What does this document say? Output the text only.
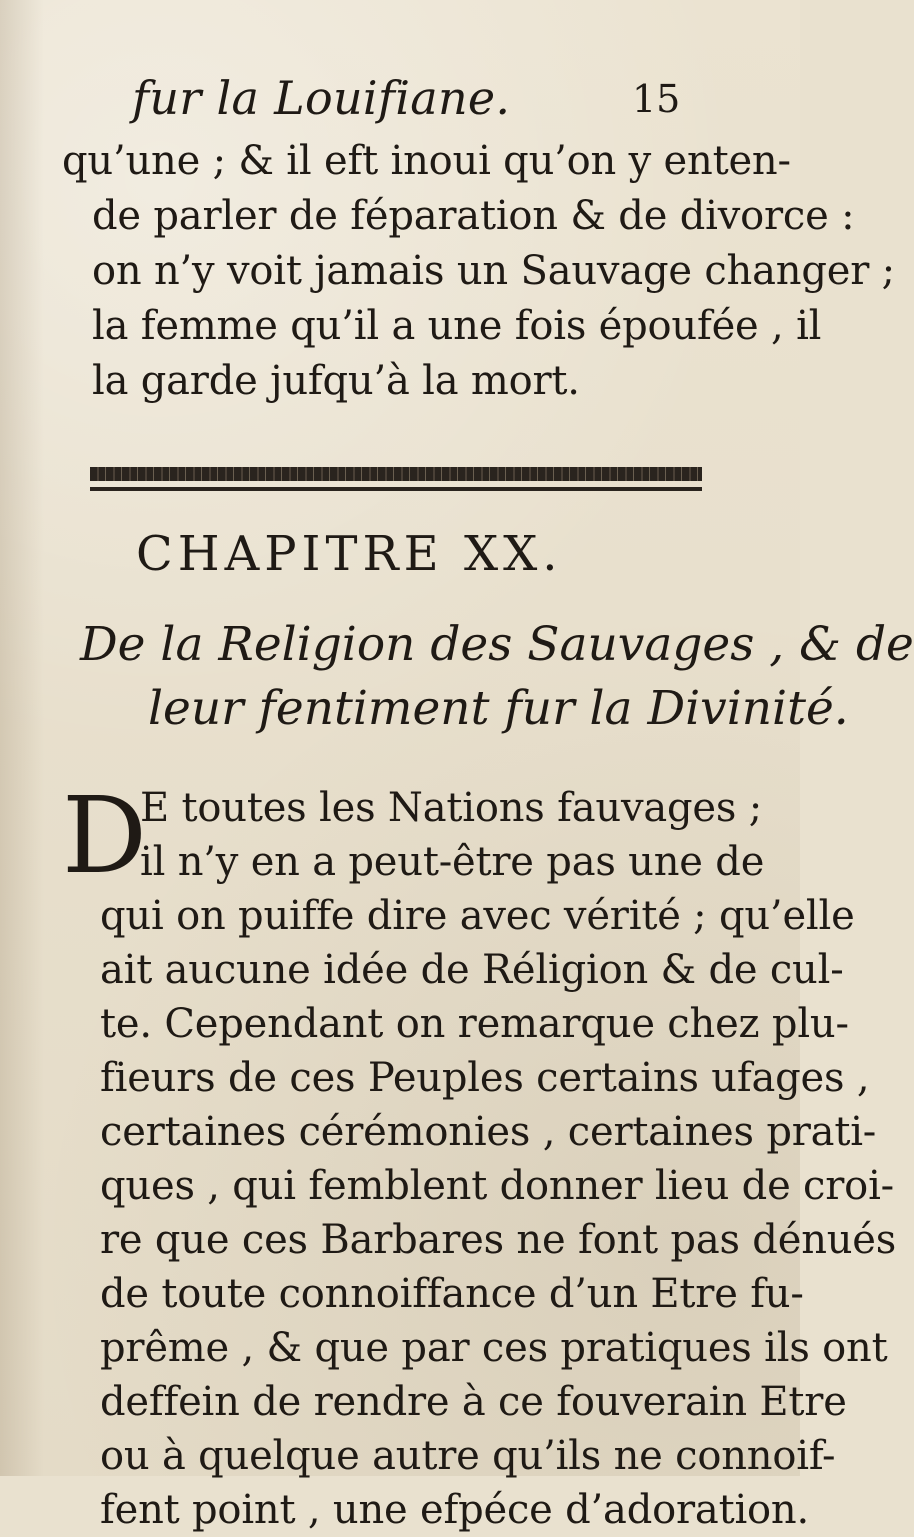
fur la Louifiane.	15
qu’une ; & il eft inoui qu’on y enten-
de parler de féparation & de divorce :
on n’y voit jamais un Sauvage changer ;
la femme qu’il a une fois époufée , il
la garde jufqu’à la mort.
CHAPITRE XX.
De la Religion des Sauvages , & de
leur fentiment fur la Divinité.
D
E toutes les Nations fauvages ;
il n’y en a peut-être pas une de
qui on puiffe dire avec vérité ; qu’elle
ait aucune idée de Réligion & de cul-
te. Cependant on remarque chez plu-
fieurs de ces Peuples certains ufages ,
certaines cérémonies , certaines prati-
ques , qui femblent donner lieu de croi-
re que ces Barbares ne font pas dénués
de toute connoiffance d’un Etre fu-
prême , & que par ces pratiques ils ont
deffein de rendre à ce fouverain Etre
ou à quelque autre qu’ils ne connoif-
fent point , une efpéce d’adoration.
